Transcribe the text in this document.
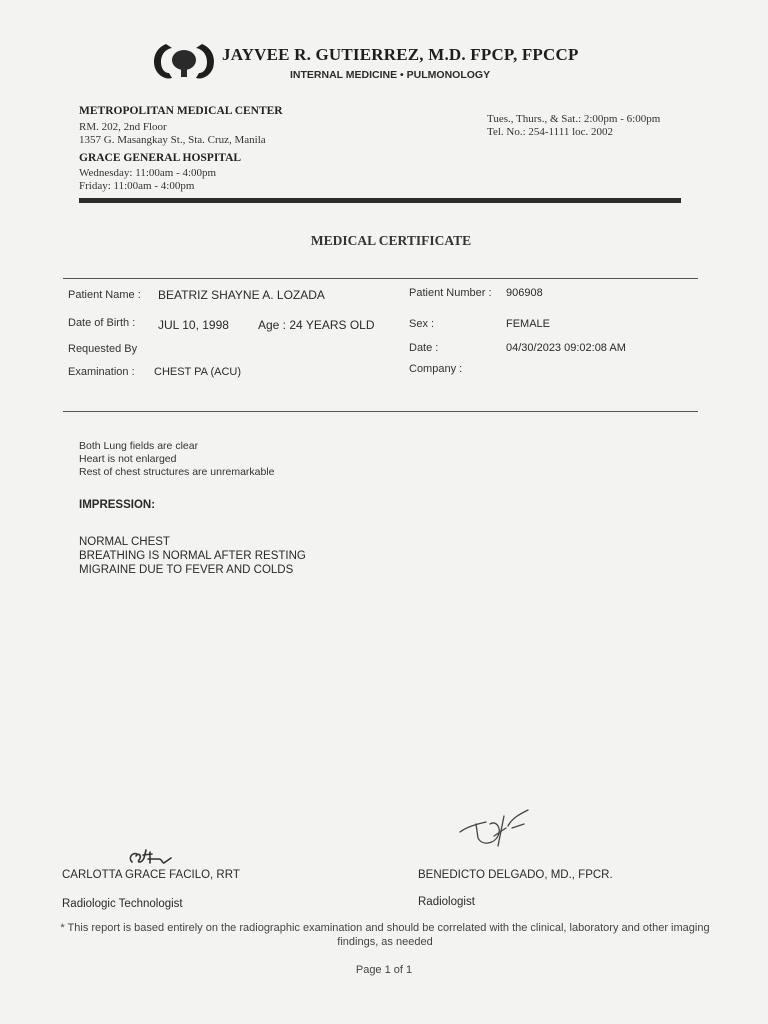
JAYVEE R. GUTIERREZ, M.D. FPCP, FPCCP
INTERNAL MEDICINE • PULMONOLOGY
METROPOLITAN MEDICAL CENTER
RM. 202, 2nd Floor
1357 G. Masangkay St., Sta. Cruz, Manila
Tues., Thurs., & Sat.: 2:00pm - 6:00pm
Tel. No.: 254-1111 loc. 2002
GRACE GENERAL HOSPITAL
Wednesday: 11:00am - 4:00pm
Friday: 11:00am - 4:00pm
MEDICAL CERTIFICATE
Patient Name : BEATRIZ SHAYNE A. LOZADA	Patient Number : 906908
Date of Birth : JUL 10, 1998 Age : 24 YEARS OLD	Sex :	FEMALE
Requested By	Date :	04/30/2023 09:02:08 AM
Examination : CHEST PA (ACU)	Company :
Both Lung fields are clear
Heart is not enlarged
Rest of chest structures are unremarkable
IMPRESSION:
NORMAL CHEST
BREATHING IS NORMAL AFTER RESTING
MIGRAINE DUE TO FEVER AND COLDS
CARLOTTA GRACE FACILO, RRT	BENEDICTO DELGADO, MD., FPCR.
Radiologic Technologist	Radiologist
* This report is based entirely on the radiographic examination and should be correlated with the clinical, laboratory and other imaging findings, as needed
Page 1 of 1
